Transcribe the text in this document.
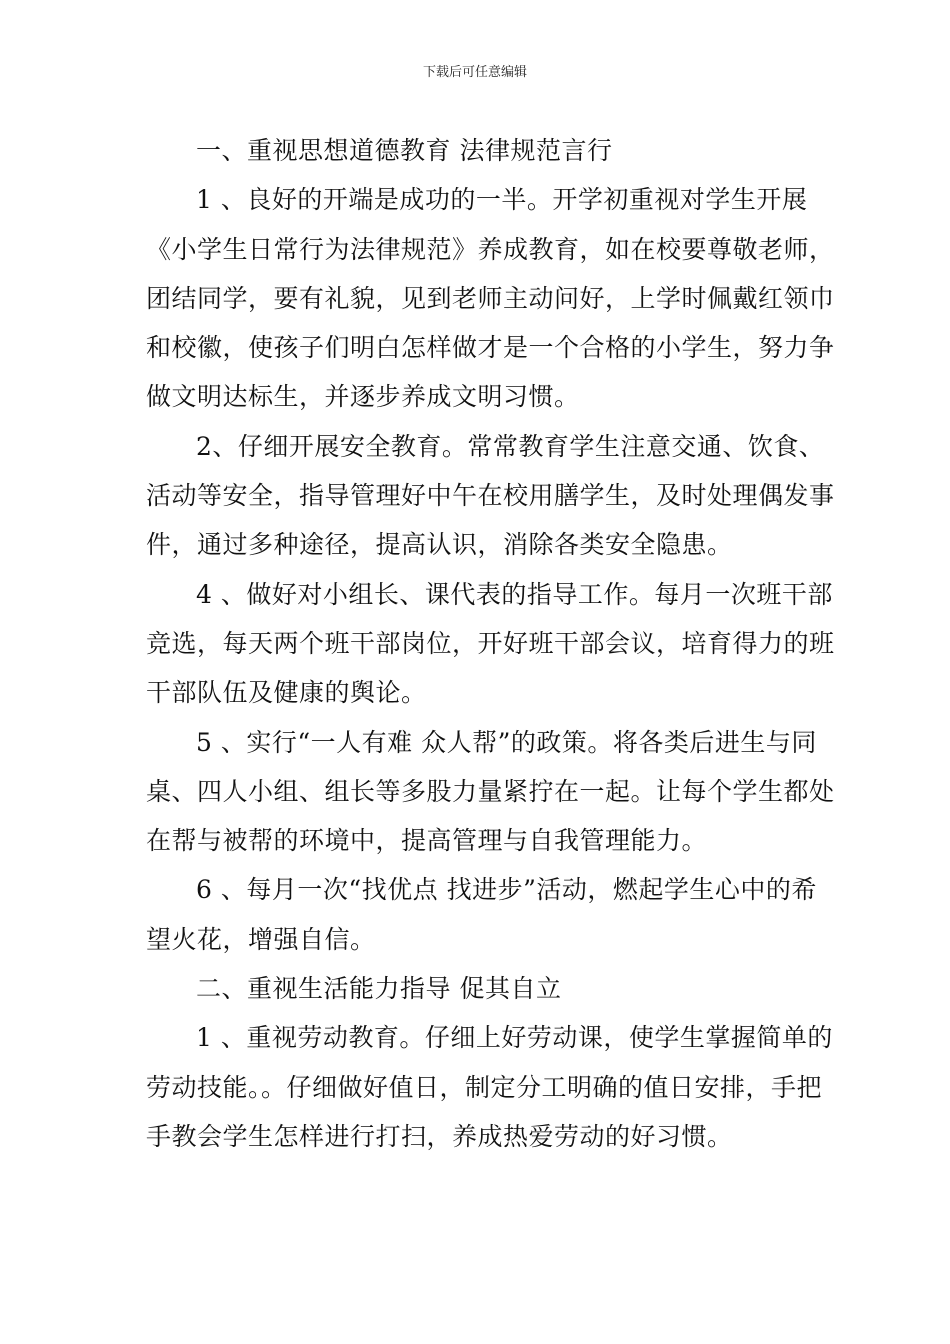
下载后可任意编辑

一、重视思想道德教育 法律规范言行

1 、良好的开端是成功的一半。开学初重视对学生开展《小学生日常行为法律规范》养成教育，如在校要尊敬老师，团结同学，要有礼貌，见到老师主动问好，上学时佩戴红领巾和校徽，使孩子们明白怎样做才是一个合格的小学生，努力争做文明达标生，并逐步养成文明习惯。

2、仔细开展安全教育。常常教育学生注意交通、饮食、活动等安全，指导管理好中午在校用膳学生，及时处理偶发事件，通过多种途径，提高认识，消除各类安全隐患。

4 、做好对小组长、课代表的指导工作。每月一次班干部竞选，每天两个班干部岗位，开好班干部会议，培育得力的班干部队伍及健康的舆论。

5 、实行“一人有难 众人帮”的政策。将各类后进生与同桌、四人小组、组长等多股力量紧拧在一起。让每个学生都处在帮与被帮的环境中，提高管理与自我管理能力。

6 、每月一次“找优点 找进步”活动，燃起学生心中的希望火花，增强自信。

二、重视生活能力指导 促其自立

1 、重视劳动教育。仔细上好劳动课，使学生掌握简单的劳动技能。。仔细做好值日，制定分工明确的值日安排，手把手教会学生怎样进行打扫，养成热爱劳动的好习惯。
